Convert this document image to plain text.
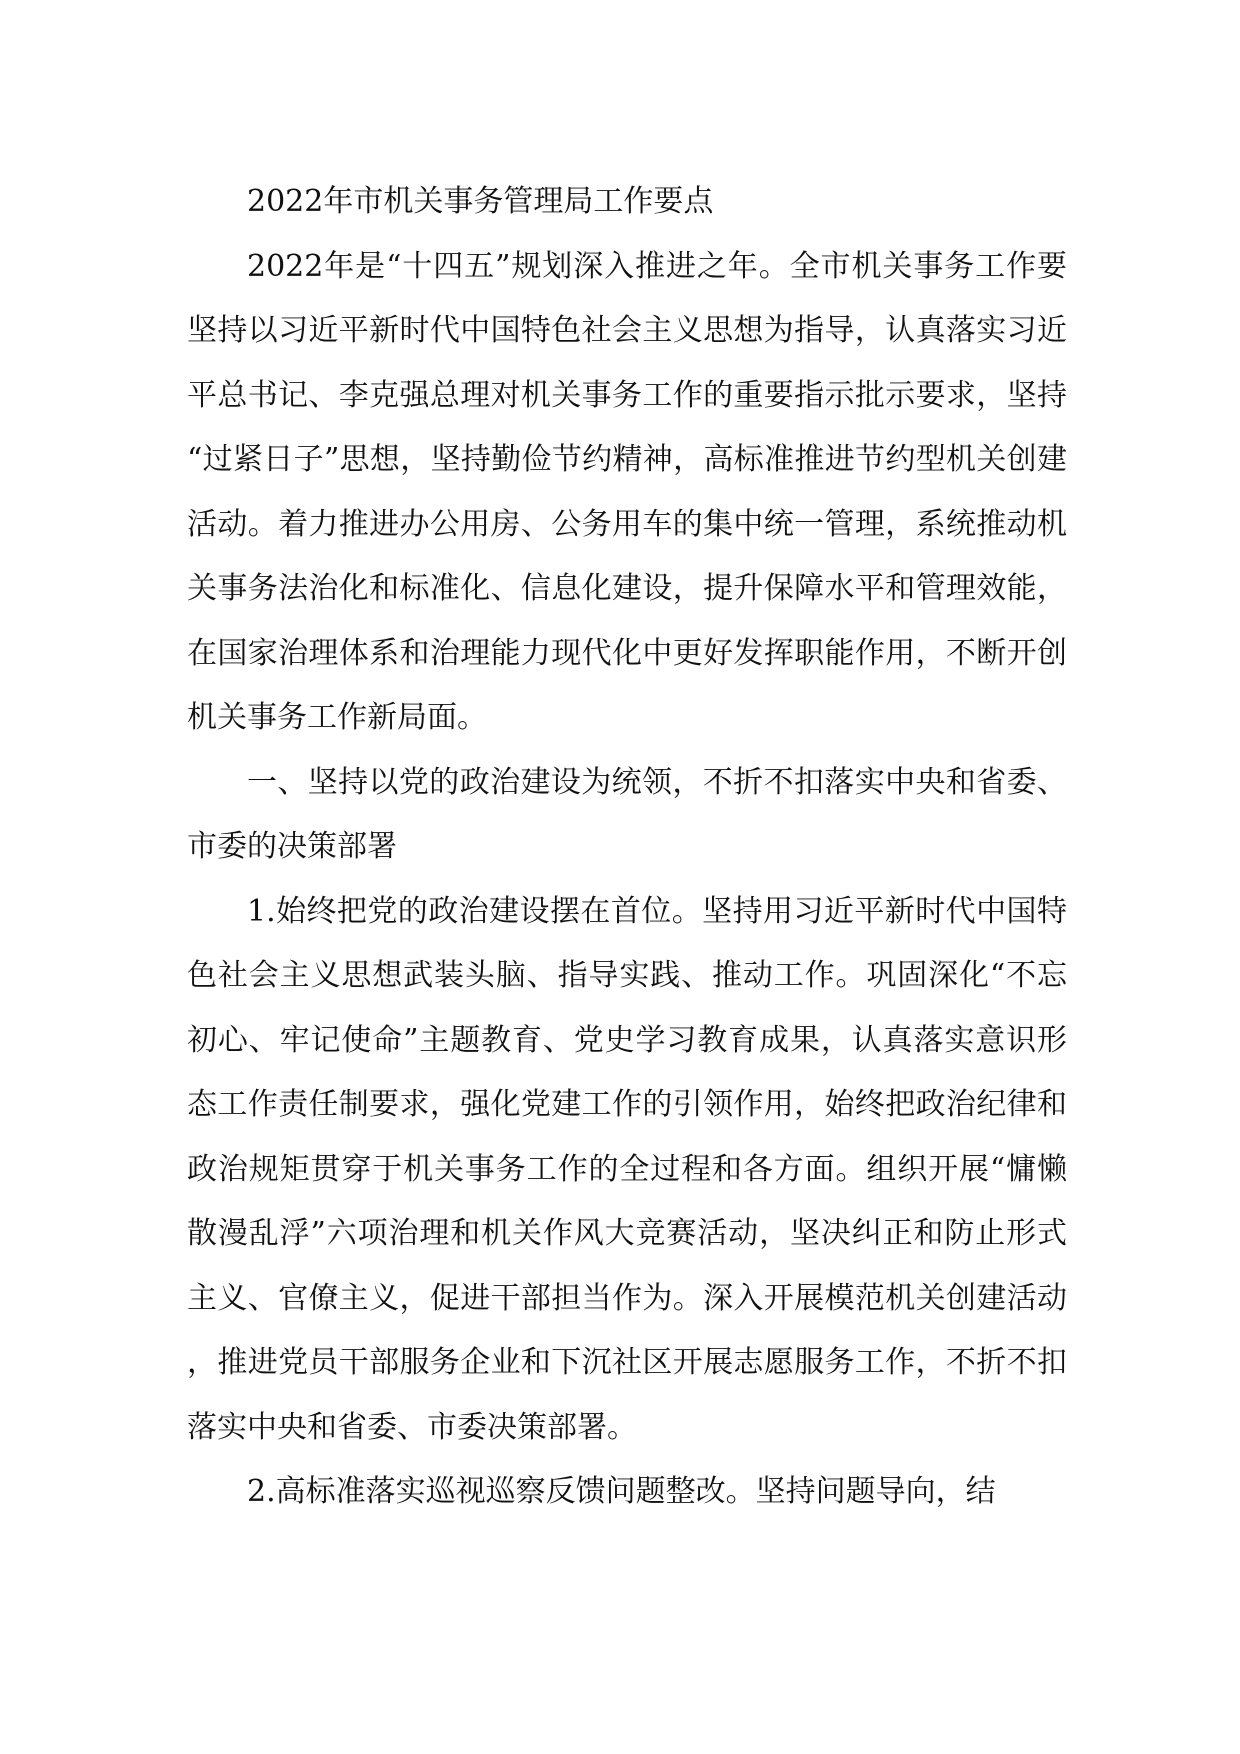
2022年市机关事务管理局工作要点

2022年是“十四五”规划深入推进之年。全市机关事务工作要坚持以习近平新时代中国特色社会主义思想为指导，认真落实习近平总书记、李克强总理对机关事务工作的重要指示批示要求，坚持“过紧日子”思想，坚持勤俭节约精神，高标准推进节约型机关创建活动。着力推进办公用房、公务用车的集中统一管理，系统推动机关事务法治化和标准化、信息化建设，提升保障水平和管理效能，在国家治理体系和治理能力现代化中更好发挥职能作用，不断开创机关事务工作新局面。

一、坚持以党的政治建设为统领，不折不扣落实中央和省委、市委的决策部署

1.始终把党的政治建设摆在首位。坚持用习近平新时代中国特色社会主义思想武装头脑、指导实践、推动工作。巩固深化“不忘初心、牢记使命”主题教育、党史学习教育成果，认真落实意识形态工作责任制要求，强化党建工作的引领作用，始终把政治纪律和政治规矩贯穿于机关事务工作的全过程和各方面。组织开展“慵懒散漫乱浮”六项治理和机关作风大竞赛活动，坚决纠正和防止形式主义、官僚主义，促进干部担当作为。深入开展模范机关创建活动，推进党员干部服务企业和下沉社区开展志愿服务工作，不折不扣落实中央和省委、市委决策部署。

2.高标准落实巡视巡察反馈问题整改。坚持问题导向，结
